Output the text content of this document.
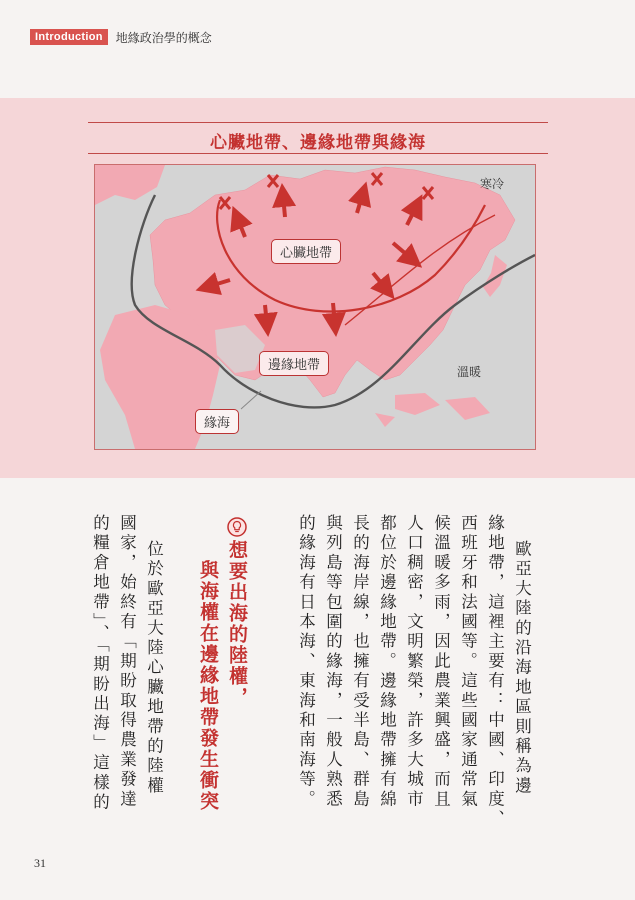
Introduction	地緣政治學的概念
心臟地帶、邊緣地帶與緣海
心臟地帶
邊緣地帶
緣海
寒冷
溫暖
歐亞大陸的沿海地區則稱為邊
緣地帶，這裡主要有：中國、印度、
西班牙和法國等。這些國家通常氣
候溫暖多雨，因此農業興盛，而且
人口稠密，文明繁榮，許多大城市
都位於邊緣地帶。邊緣地帶擁有綿
長的海岸線，也擁有受半島、群島
與列島等包圍的緣海，一般人熟悉
的緣海有日本海、東海和南海等。
想要出海的陸權，
與海權在邊緣地帶發生衝突
位於歐亞大陸心臟地帶的陸權
國家，始終有「期盼取得農業發達
的糧倉地帶」、「期盼出海」這樣的
31
